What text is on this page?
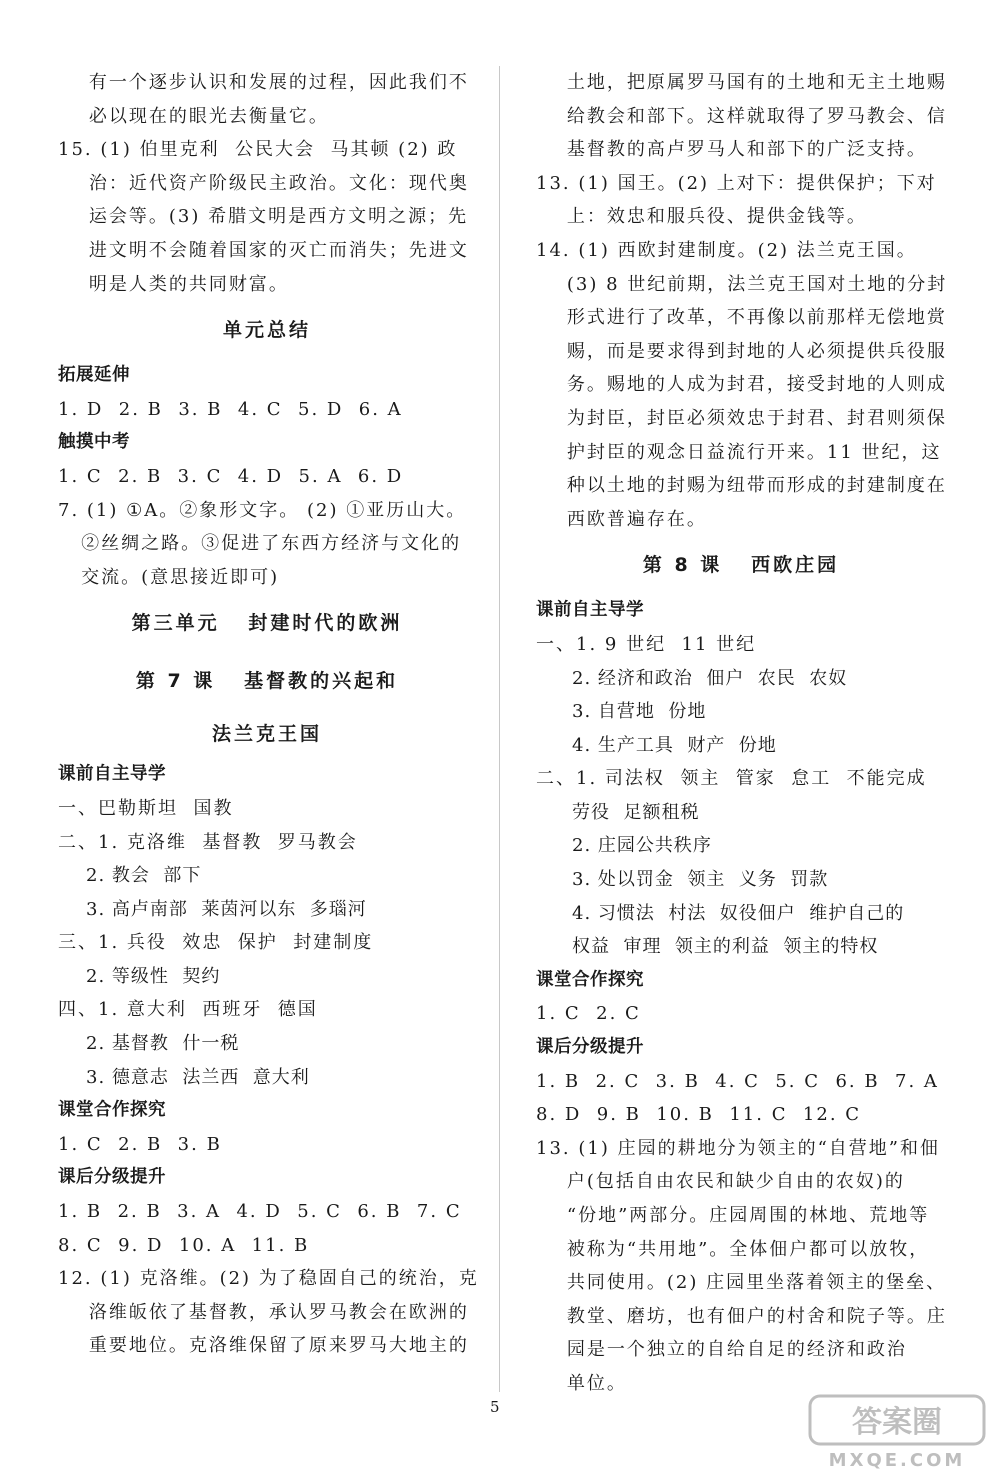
有一个逐步认识和发展的过程，因此我们不
必以现在的眼光去衡量它。
15. (1) 伯里克利  公民大会  马其顿 (2) 政
治：近代资产阶级民主政治。文化：现代奥
运会等。(3) 希腊文明是西方文明之源；先
进文明不会随着国家的灭亡而消失；先进文
明是人类的共同财富。
单元总结
拓展延伸
1. D  2. B  3. B  4. C  5. D  6. A
触摸中考
1. C  2. B  3. C  4. D  5. A  6. D
7. (1) ①A。②象形文字。 (2) ①亚历山大。
②丝绸之路。③促进了东西方经济与文化的
交流。(意思接近即可)
第三单元   封建时代的欧洲
第 7 课   基督教的兴起和
法兰克王国
课前自主导学
一、巴勒斯坦  国教
二、1. 克洛维  基督教  罗马教会
2. 教会  部下
3. 高卢南部  莱茵河以东  多瑙河
三、1. 兵役  效忠  保护  封建制度
2. 等级性  契约
四、1. 意大利  西班牙  德国
2. 基督教  什一税
3. 德意志  法兰西  意大利
课堂合作探究
1. C  2. B  3. B
课后分级提升
1. B  2. B  3. A  4. D  5. C  6. B  7. C
8. C  9. D  10. A  11. B
12. (1) 克洛维。(2) 为了稳固自己的统治，克
洛维皈依了基督教，承认罗马教会在欧洲的
重要地位。克洛维保留了原来罗马大地主的
土地，把原属罗马国有的土地和无主土地赐
给教会和部下。这样就取得了罗马教会、信
基督教的高卢罗马人和部下的广泛支持。
13. (1) 国王。(2) 上对下：提供保护；下对
上：效忠和服兵役、提供金钱等。
14. (1) 西欧封建制度。(2) 法兰克王国。
(3) 8 世纪前期，法兰克王国对土地的分封
形式进行了改革，不再像以前那样无偿地赏
赐，而是要求得到封地的人必须提供兵役服
务。赐地的人成为封君，接受封地的人则成
为封臣，封臣必须效忠于封君、封君则须保
护封臣的观念日益流行开来。11 世纪，这
种以土地的封赐为纽带而形成的封建制度在
西欧普遍存在。
第 8 课   西欧庄园
课前自主导学
一、1. 9 世纪  11 世纪
2. 经济和政治  佃户  农民  农奴
3. 自营地  份地
4. 生产工具  财产  份地
二、1. 司法权  领主  管家  怠工  不能完成
劳役  足额租税
2. 庄园公共秩序
3. 处以罚金  领主  义务  罚款
4. 习惯法  村法  奴役佃户  维护自己的
权益  审理  领主的利益  领主的特权
课堂合作探究
1. C  2. C
课后分级提升
1. B  2. C  3. B  4. C  5. C  6. B  7. A
8. D  9. B  10. B  11. C  12. C
13. (1) 庄园的耕地分为领主的“自营地”和佃
户(包括自由农民和缺少自由的农奴)的
“份地”两部分。庄园周围的林地、荒地等
被称为“共用地”。全体佃户都可以放牧，
共同使用。(2) 庄园里坐落着领主的堡垒、
教堂、磨坊，也有佃户的村舍和院子等。庄
园是一个独立的自给自足的经济和政治
单位。
5	答案圈
MXQE.COM
